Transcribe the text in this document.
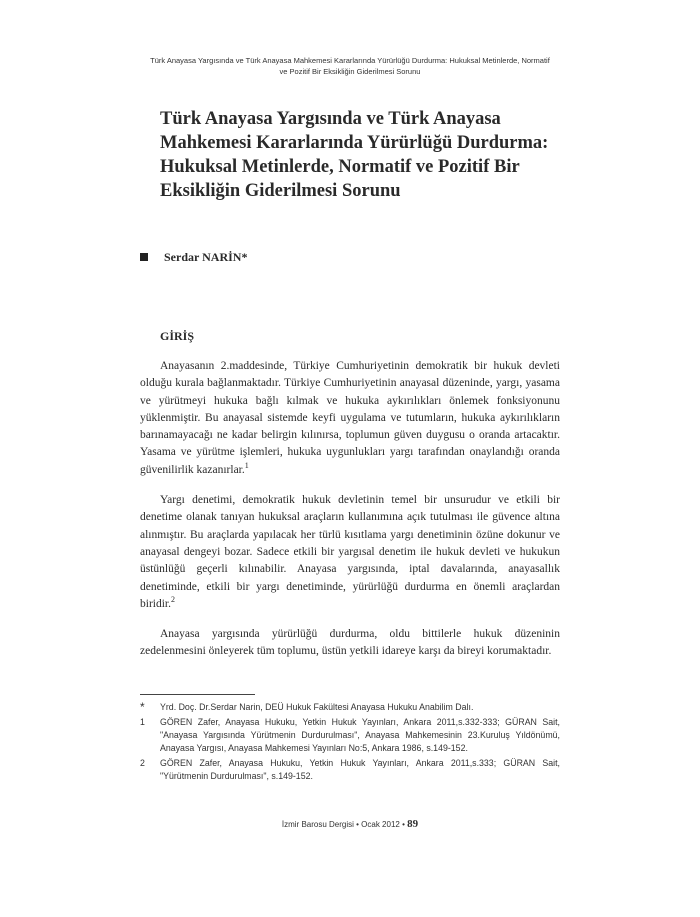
Türk Anayasa Yargısında ve Türk Anayasa Mahkemesi Kararlarında Yürürlüğü Durdurma: Hukuksal Metinlerde, Normatif
ve Pozitif Bir Eksikliğin Giderilmesi Sorunu
Türk Anayasa Yargısında ve Türk Anayasa Mahkemesi Kararlarında Yürürlüğü Durdurma: Hukuksal Metinlerde, Normatif ve Pozitif Bir Eksikliğin Giderilmesi Sorunu
Serdar NARİN *
GİRİŞ

Anayasanın 2.maddesinde, Türkiye Cumhuriyetinin demokratik bir hukuk devleti olduğu kurala bağlanmaktadır. Türkiye Cumhuriyetinin anayasal düzeninde, yargı, yasama ve yürütmeyi hukuka bağlı kılmak ve hukuka aykırılıkları önlemek fonksiyonunu yüklenmiştir. Bu anayasal sistemde keyfi uygulama ve tutumların, hukuka aykırılıkların barınamayacağı ne kadar belirgin kılınırsa, toplumun güven duygusu o oranda artacaktır. Yasama ve yürütme işlemleri, hukuka uygunlukları yargı tarafından onaylandığı oranda güvenilirlik kazanırlar.$^1$

Yargı denetimi, demokratik hukuk devletinin temel bir unsurudur ve etkili bir denetime olanak tanıyan hukuksal araçların kullanımına açık tutulması ile güvence altına alınmıştır. Bu araçlarda yapılacak her türlü kısıtlama yargı denetiminin özüne dokunur ve anayasal dengeyi bozar. Sadece etkili bir yargısal denetim ile hukuk devleti ve hukukun üstünlüğü geçerli kılınabilir. Anayasa yargısında, iptal davalarında, anayasallık denetiminde, etkili bir yargı denetiminde, yürürlüğü durdurma en önemli araçlardan biridir.$^2$

Anayasa yargısında yürürlüğü durdurma, oldu bittilerle hukuk düzeninin zedelenmesini önleyerek tüm toplumu, üstün yetkili idareye karşı da bireyi korumaktadır.

*	Yrd. Doç. Dr.Serdar Narin, DEÜ Hukuk Fakültesi Anayasa Hukuku Anabilim Dalı.
1	GÖREN Zafer, Anayasa Hukuku, Yetkin Hukuk Yayınları, Ankara 2011,s.332-333; GÜRAN Sait, "Anayasa Yargısında Yürütmenin Durdurulması", Anayasa Mahkemesinin 23.Kuruluş Yıldönümü, Anayasa Yargısı, Anayasa Mahkemesi Yayınları No:5, Ankara 1986, s.149-152.
2	GÖREN Zafer, Anayasa Hukuku, Yetkin Hukuk Yayınları, Ankara 2011,s.333; GÜRAN Sait, "Yürütmenin Durdurulması", s.149-152.
İzmir Barosu Dergisi • Ocak 2012 • 89
